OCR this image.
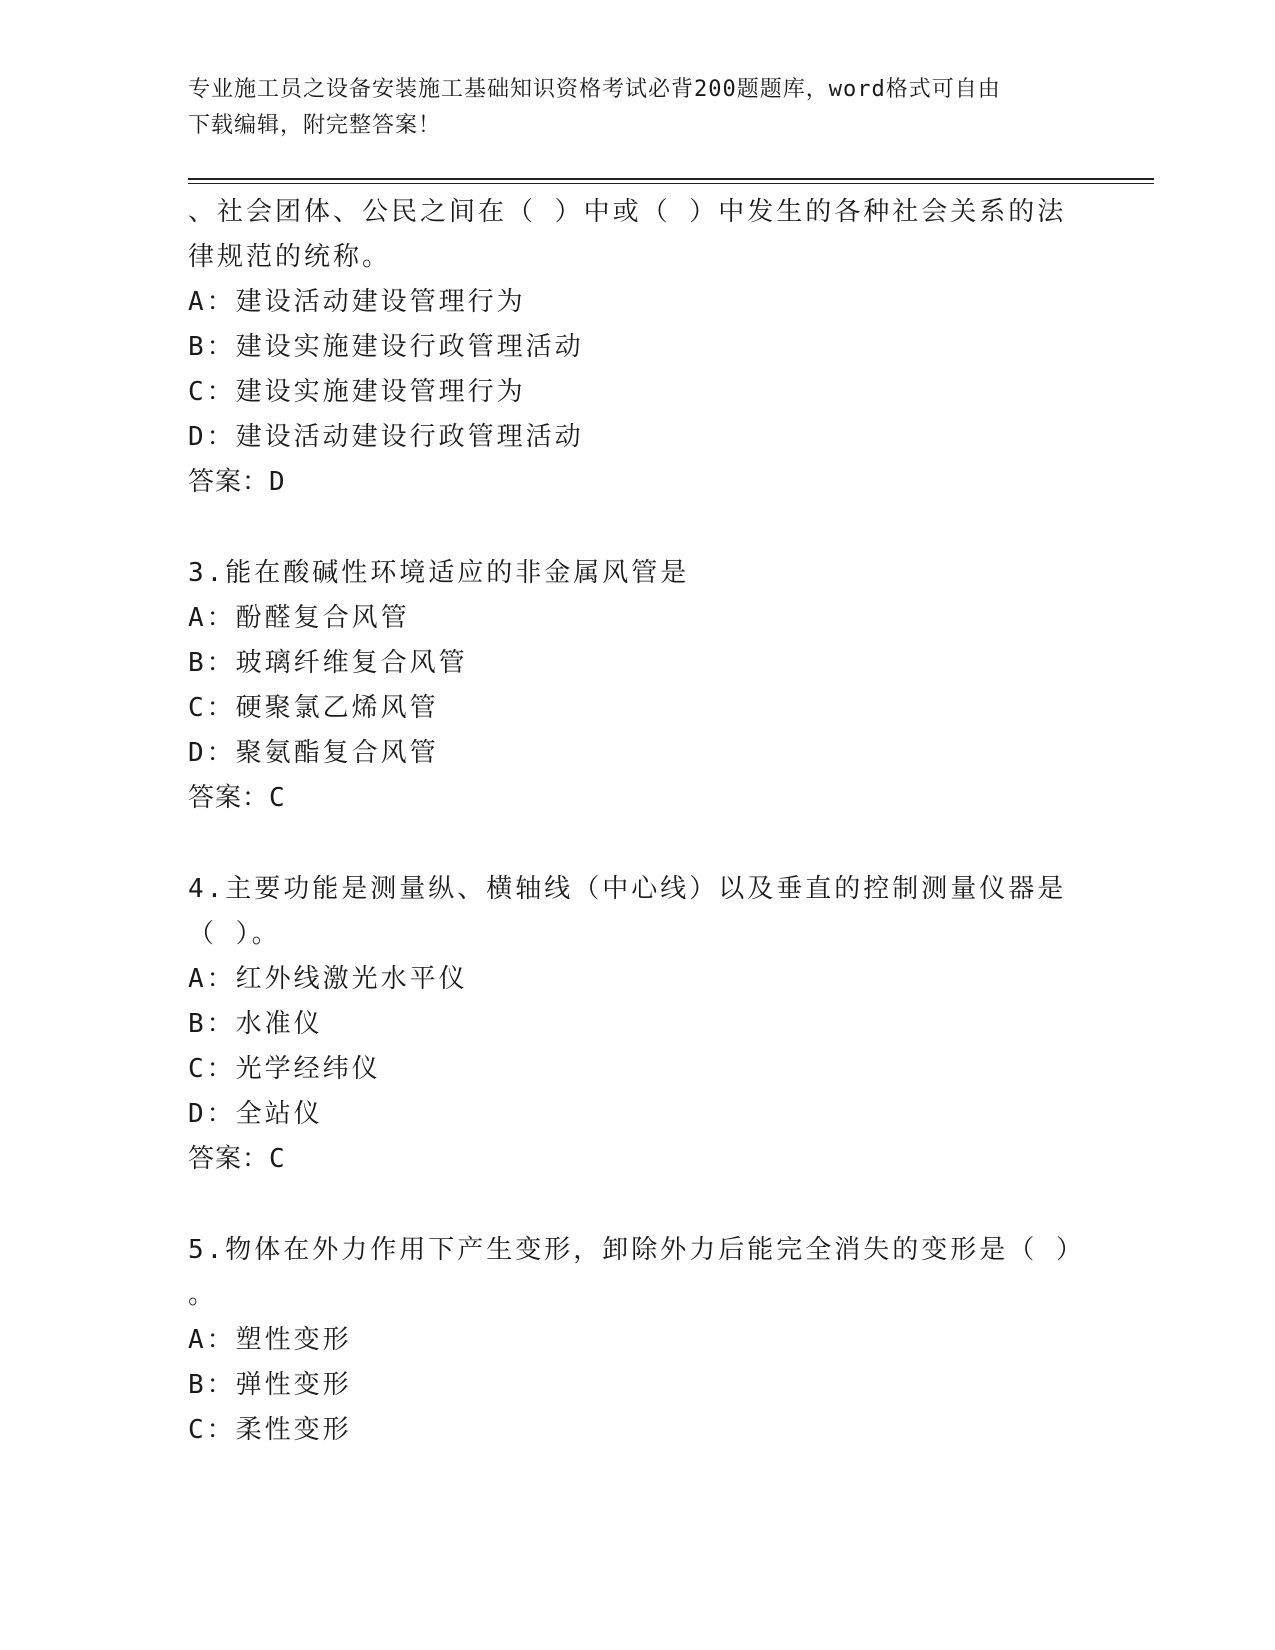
专业施工员之设备安装施工基础知识资格考试必背200题题库，word格式可自由
下载编辑，附完整答案！
、社会团体、公民之间在（ ）中或（ ）中发生的各种社会关系的法
律规范的统称。
A：建设活动建设管理行为
B：建设实施建设行政管理活动
C：建设实施建设管理行为
D：建设活动建设行政管理活动
答案：D
3.能在酸碱性环境适应的非金属风管是
A：酚醛复合风管
B：玻璃纤维复合风管
C：硬聚氯乙烯风管
D：聚氨酯复合风管
答案：C
4.主要功能是测量纵、横轴线（中心线）以及垂直的控制测量仪器是
（ ）。
A：红外线激光水平仪
B：水准仪
C：光学经纬仪
D：全站仪
答案：C
5.物体在外力作用下产生变形，卸除外力后能完全消失的变形是（ ）
。
A：塑性变形
B：弹性变形
C：柔性变形
